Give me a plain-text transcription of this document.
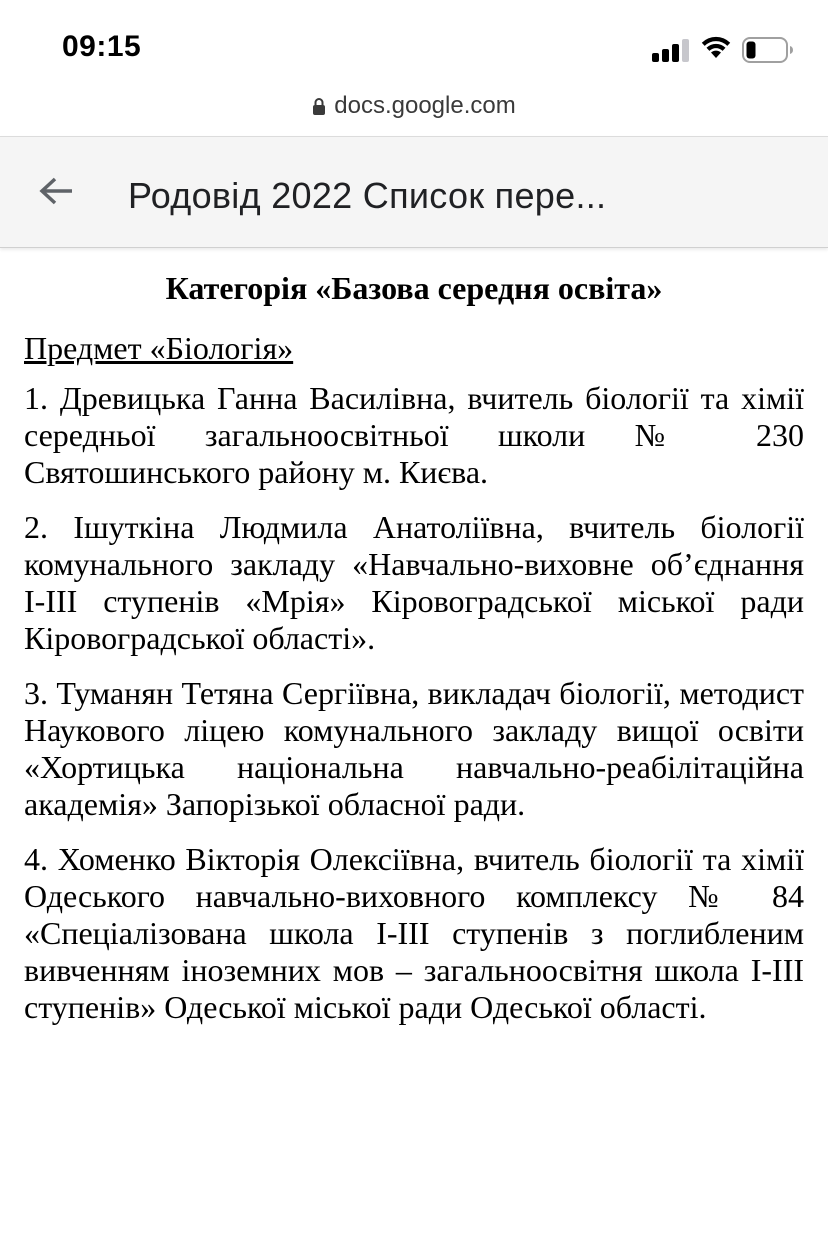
09:15
docs.google.com
Родовід 2022 Список пере...
Категорія «Базова середня освіта»
Предмет «Біологія»

1. Древицька Ганна Василівна, вчитель біології та хімії середньої загальноосвітньої школи № 230 Святошинського району м. Києва.

2. Ішуткіна Людмила Анатоліївна, вчитель біології комунального закладу «Навчально-виховне об’єднання І-ІІІ ступенів «Мрія» Кіровоградської міської ради Кіровоградської області».

3. Туманян Тетяна Сергіївна, викладач біології, методист Наукового ліцею комунального закладу вищої освіти «Хортицька національна навчально-реабілітаційна академія» Запорізької обласної ради.

4. Хоменко Вікторія Олексіївна, вчитель біології та хімії Одеського навчально-виховного комплексу № 84 «Спеціалізована школа І-ІІІ ступенів з поглибленим вивченням іноземних мов – загальноосвітня школа І-ІІІ ступенів» Одеської міської ради Одеської області.
